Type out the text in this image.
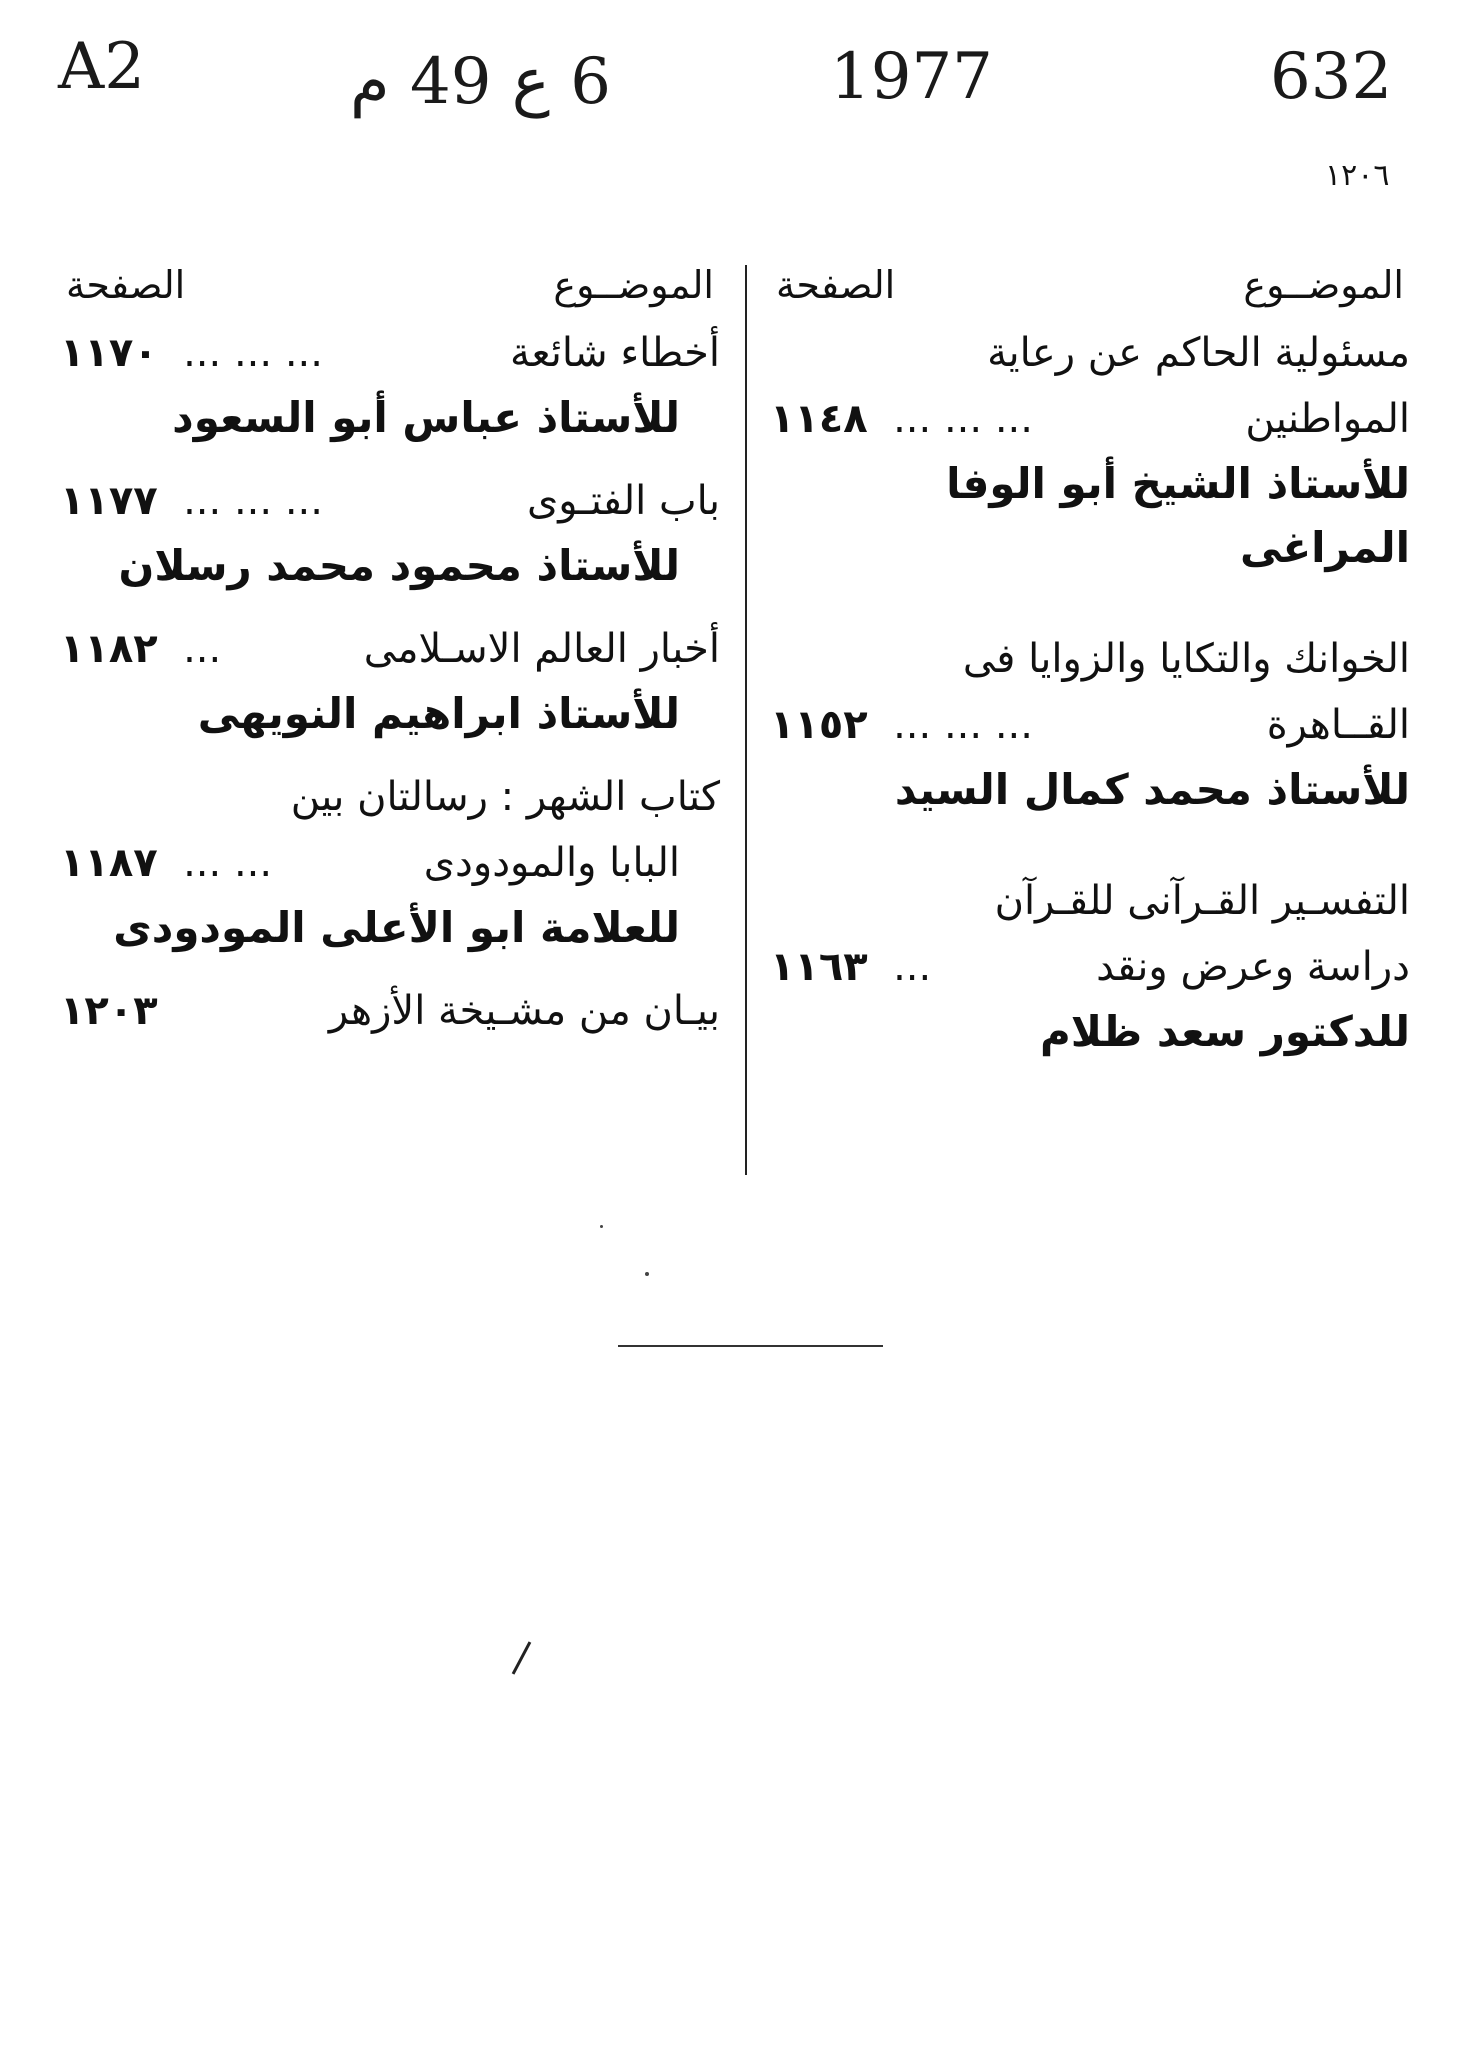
A2	6 ع 49 م	1977	632
١٢٠٦
الموضــوع
الصفحة
مسئولية الحاكم عن رعاية
المواطنين
... ... ...  ١١٤٨
للأستاذ الشيخ أبو الوفا المراغى
الخوانك والتكايا والزوايا فى
القــاهرة
... ... ...  ١١٥٢
للأستاذ محمد كمال السيد
التفسـير القـرآنى للقـرآن
دراسة وعرض ونقد
...  ١١٦٣
للدكتور سعد ظلام
الموضــوع
الصفحة
أخطاء شائعة
... ... ...  ١١٧٠
للأستاذ عباس أبو السعود
باب الفتـوى
... ... ...  ١١٧٧
للأستاذ محمود محمد رسلان
أخبار العالم الاسـلامى
...  ١١٨٢
للأستاذ ابراهيم النويهى
كتاب الشهر : رسالتان بين
البابا والمودودى
... ...  ١١٨٧
للعلامة ابو الأعلى المودودى
بيـان من مشـيخة الأزهر
١٢٠٣
